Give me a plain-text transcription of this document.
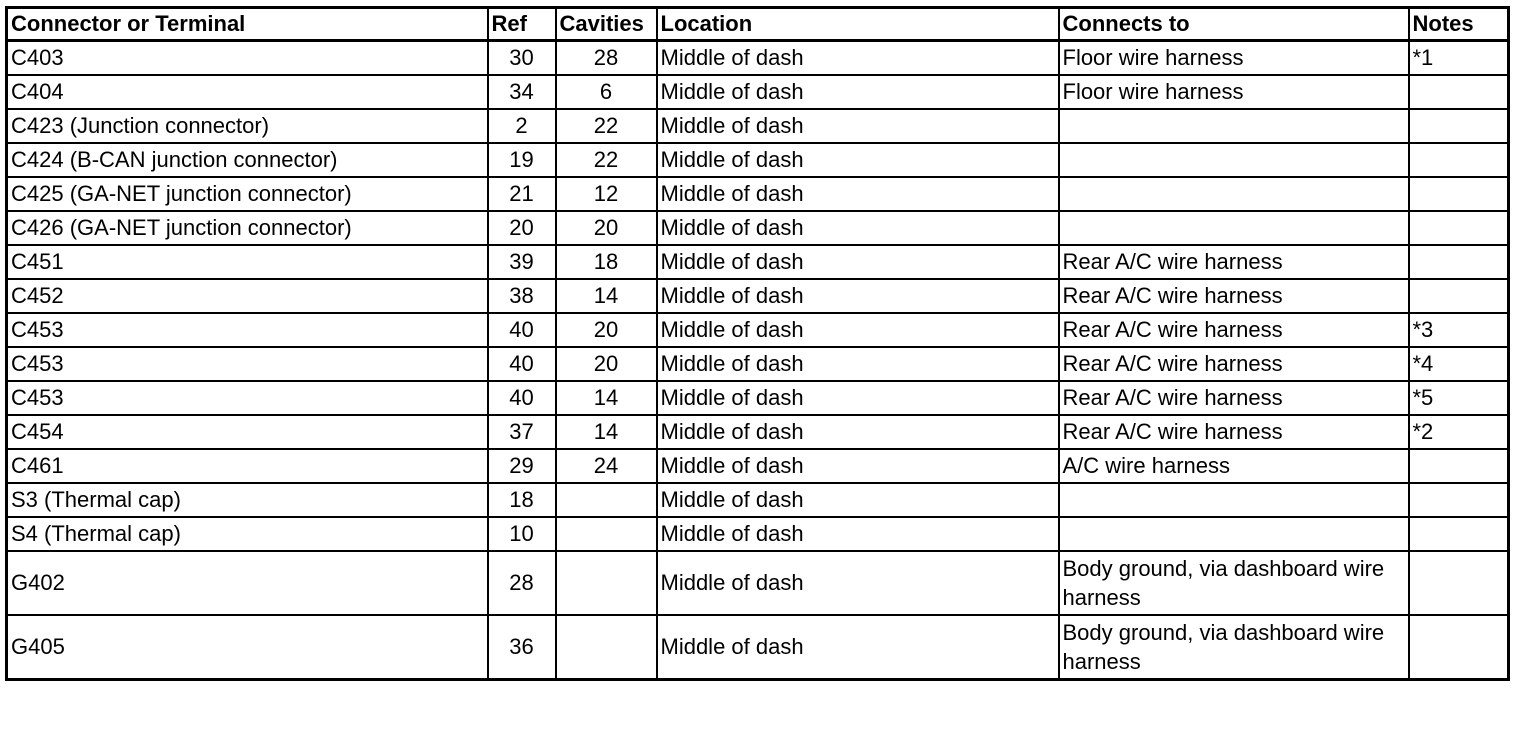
Connector or Terminal	Ref	Cavities	Location	Connects to	Notes
C403	30	28	Middle of dash	Floor wire harness	*1
C404	34	6	Middle of dash	Floor wire harness	
C423 (Junction connector)	2	22	Middle of dash		
C424 (B-CAN junction connector)	19	22	Middle of dash		
C425 (GA-NET junction connector)	21	12	Middle of dash		
C426 (GA-NET junction connector)	20	20	Middle of dash		
C451	39	18	Middle of dash	Rear A/C wire harness	
C452	38	14	Middle of dash	Rear A/C wire harness	
C453	40	20	Middle of dash	Rear A/C wire harness	*3
C453	40	20	Middle of dash	Rear A/C wire harness	*4
C453	40	14	Middle of dash	Rear A/C wire harness	*5
C454	37	14	Middle of dash	Rear A/C wire harness	*2
C461	29	24	Middle of dash	A/C wire harness	
S3 (Thermal cap)	18		Middle of dash		
S4 (Thermal cap)	10		Middle of dash		
G402	28		Middle of dash	Body ground, via dashboard wire harness	
G405	36		Middle of dash	Body ground, via dashboard wire harness	
